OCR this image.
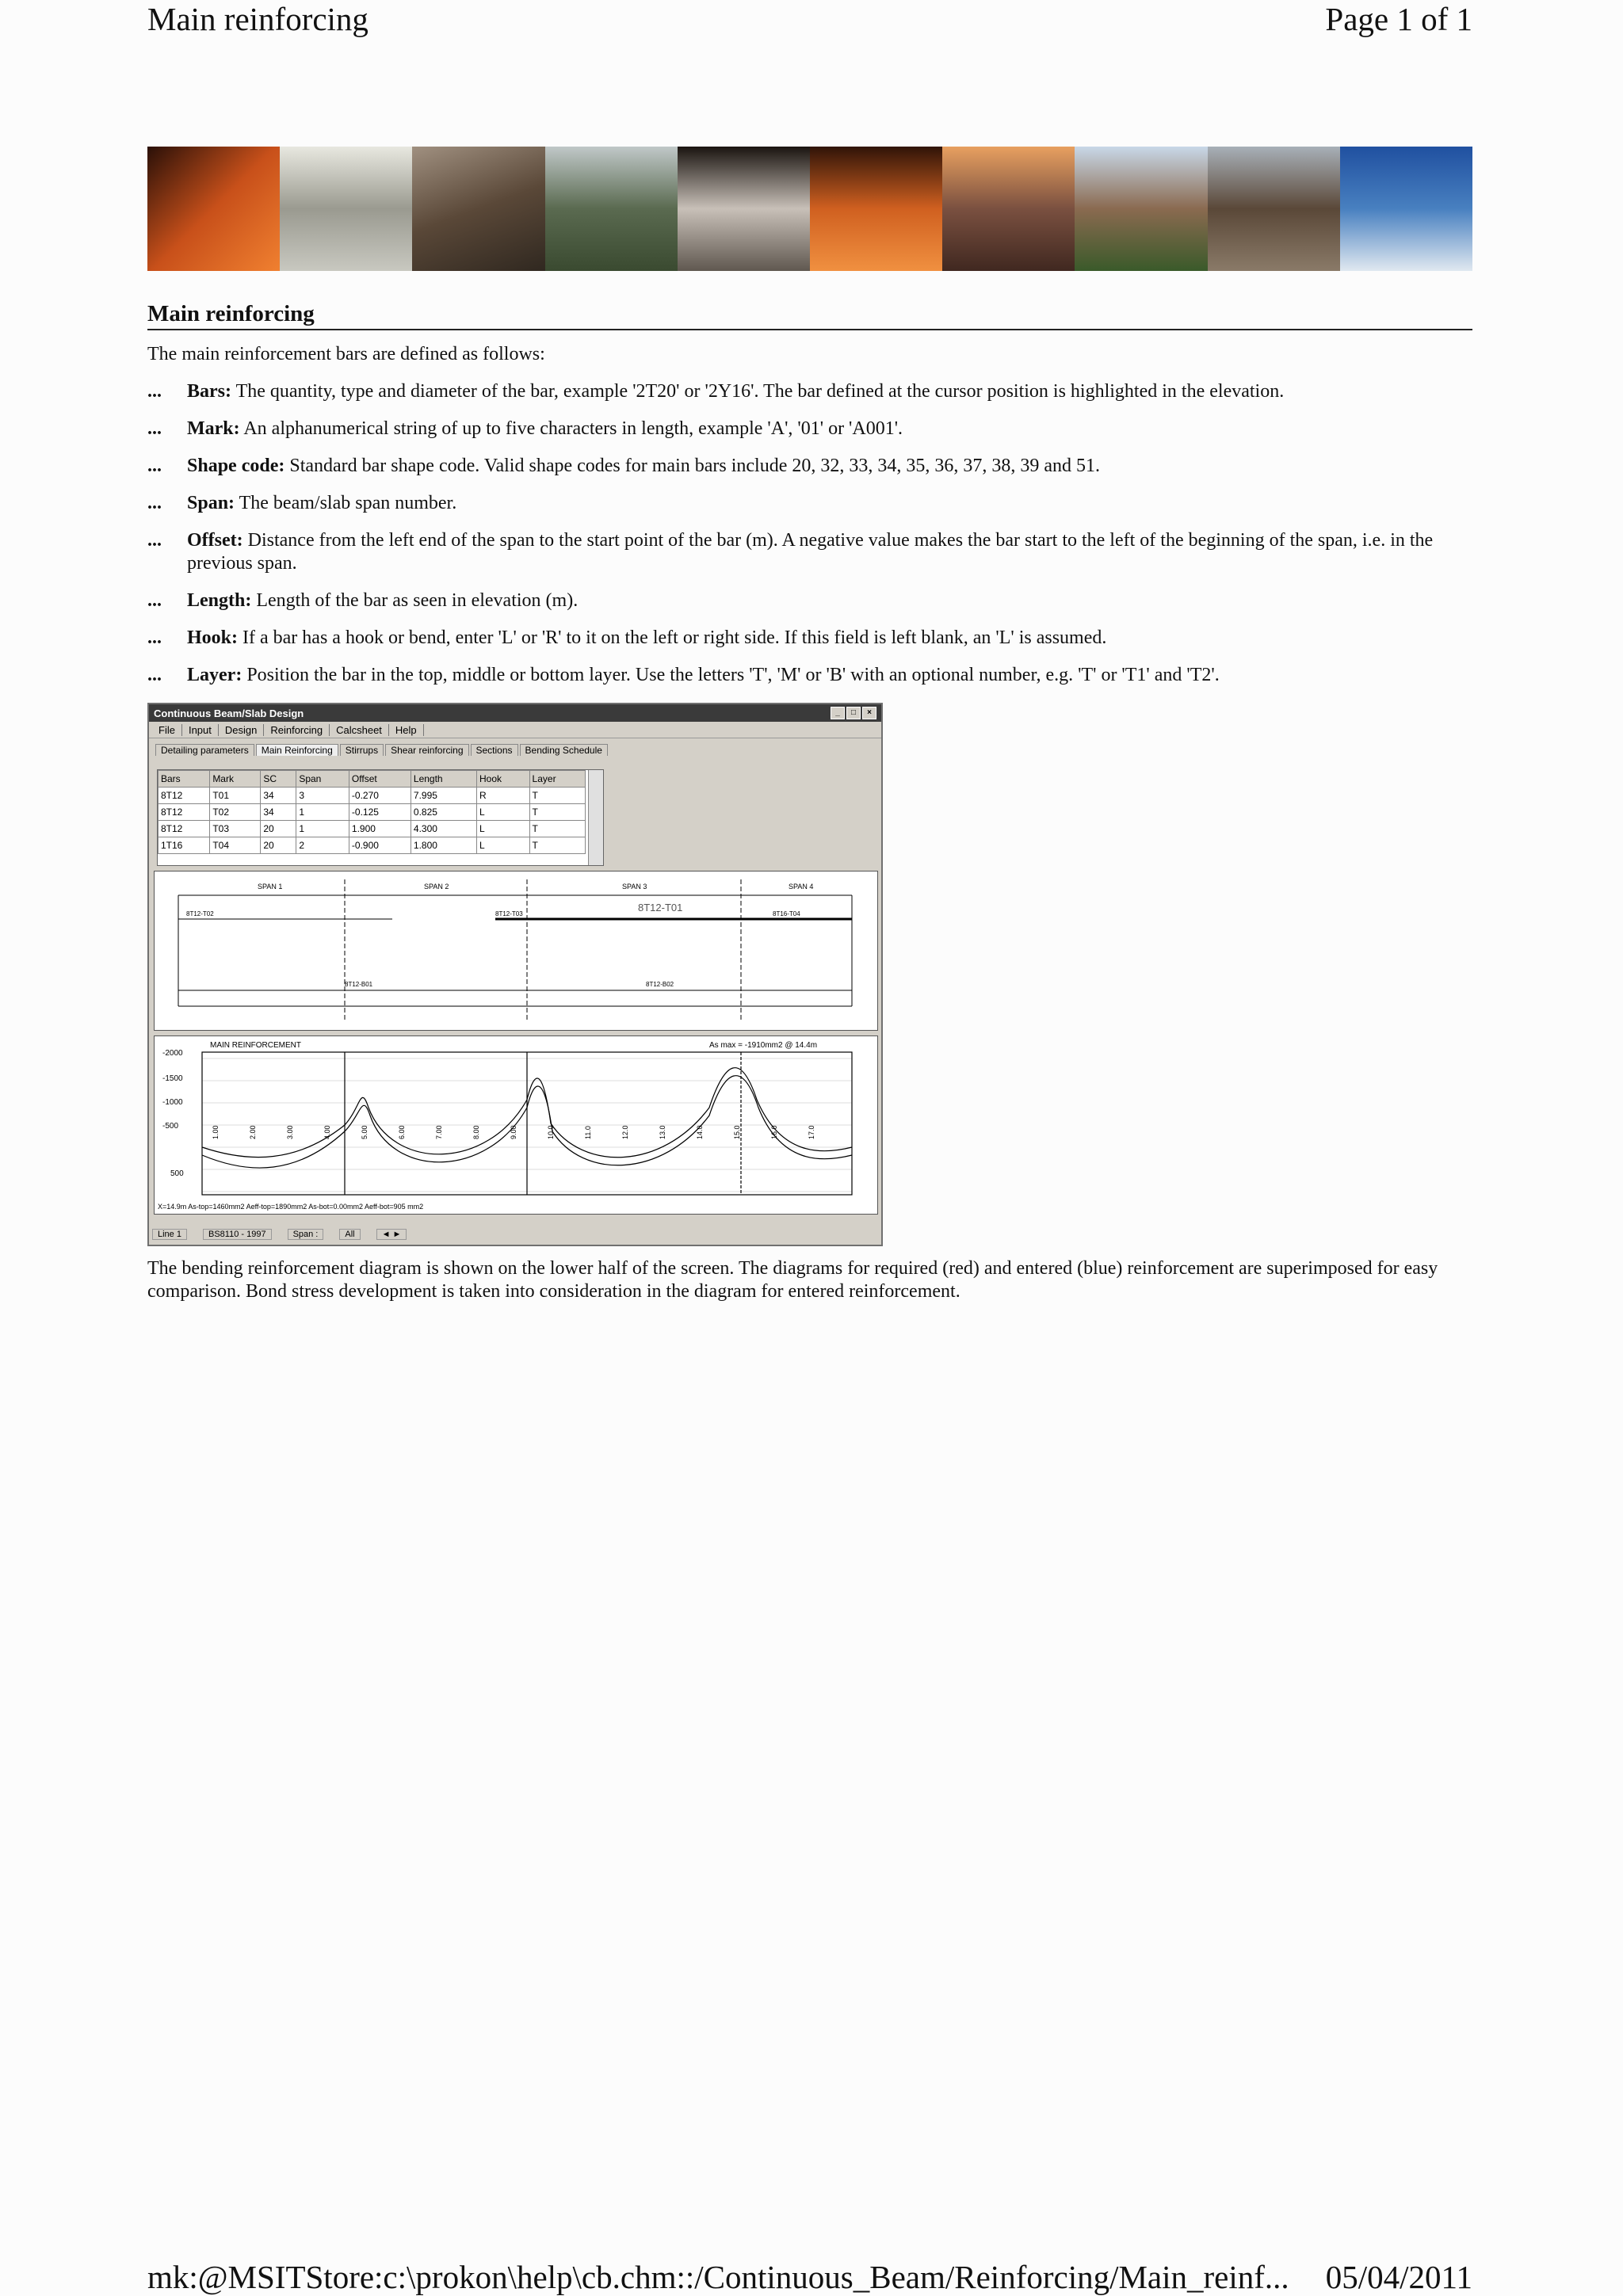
Main reinforcing	Page 1 of 1
Main reinforcing
The main reinforcement bars are defined as follows:
...	Bars: The quantity, type and diameter of the bar, example '2T20' or '2Y16'. The bar defined at the cursor position is highlighted in the elevation.
...	Mark: An alphanumerical string of up to five characters in length, example 'A', '01' or 'A001'.
...	Shape code: Standard bar shape code. Valid shape codes for main bars include 20, 32, 33, 34, 35, 36, 37, 38, 39 and 51.
...	Span: The beam/slab span number.
...	Offset: Distance from the left end of the span to the start point of the bar (m). A negative value makes the bar start to the left of the beginning of the span, i.e. in the previous span.
...	Length: Length of the bar as seen in elevation (m).
...	Hook: If a bar has a hook or bend, enter 'L' or 'R' to it on the left or right side. If this field is left blank, an 'L' is assumed.
...	Layer: Position the bar in the top, middle or bottom layer. Use the letters 'T', 'M' or 'B' with an optional number, e.g. 'T' or 'T1' and 'T2'.
Continuous Beam/Slab Design	_	□	×
File	Input	Design	Reinforcing	Calcsheet	Help
Detailing parameters	Main Reinforcing	Stirrups	Shear reinforcing	Sections	Bending Schedule
Bars	Mark	SC	Span	Offset	Length	Hook	Layer
8T12	T01	34	3	-0.270	7.995	R	T
8T12	T02	34	1	-0.125	0.825	L	T
8T12	T03	20	1	1.900	4.300	L	T
1T16	T04	20	2	-0.900	1.800	L	T
SPAN 1	SPAN 2	SPAN 3	SPAN 4
8T12-T02
8T12-T01
8T12-T03	8T16-T04
8T12-B01	8T12-B02
MAIN REINFORCEMENT	As max = -1910mm2 @ 14.4m
-2000
-1500
-1000
-500
500
1.00	2.00	3.00	4.00	5.00	6.00	7.00	8.00	9.00	10.0	11.0	12.0	13.0	14.0	15.0	16.0	17.0
X=14.9m As-top=1460mm2 Aeff-top=1890mm2 As-bot=0.00mm2 Aeff-bot=905 mm2
Line 1	BS8110 - 1997	Span :	All	◄ ►
The bending reinforcement diagram is shown on the lower half of the screen. The diagrams for required (red) and entered (blue) reinforcement are superimposed for easy comparison. Bond stress development is taken into consideration in the diagram for entered reinforcement.
mk:@MSITStore:c:\prokon\help\cb.chm::/Continuous_Beam/Reinforcing/Main_reinf... 05/04/2011
